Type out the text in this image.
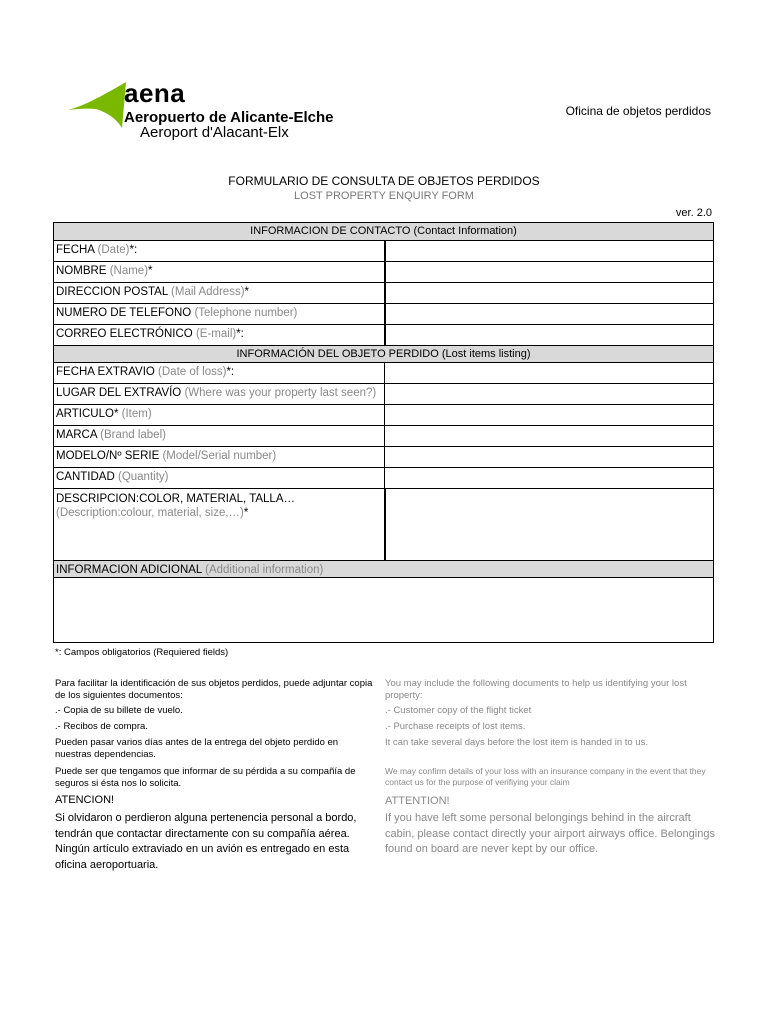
aena
Aeropuerto de Alicante-Elche
Aeroport d'Alacant-Elx
Oficina de objetos perdidos
FORMULARIO DE CONSULTA DE OBJETOS PERDIDOS
LOST PROPERTY ENQUIRY FORM
ver. 2.0
INFORMACION DE CONTACTO (Contact Information)
FECHA (Date)*:
NOMBRE (Name)*
DIRECCION POSTAL (Mail Address)*
NUMERO DE TELEFONO (Telephone number)
CORREO ELECTRÓNICO (E-mail)*:
INFORMACIÓN DEL OBJETO PERDIDO (Lost items listing)
FECHA EXTRAVIO (Date of loss)*:
LUGAR DEL EXTRAVÍO (Where was your property last seen?)
ARTICULO* (Item)
MARCA (Brand label)
MODELO/Nº SERIE (Model/Serial number)
CANTIDAD (Quantity)
DESCRIPCION:COLOR, MATERIAL, TALLA…
(Description:colour, material, size,…)*
INFORMACION ADICIONAL (Additional information)
*: Campos obligatorios (Requiered fields)
Para facilitar la identificación de sus objetos perdidos, puede adjuntar copia de los siguientes documentos:
.- Copia de su billete de vuelo.
.- Recibos de compra.
Pueden pasar varios días antes de la entrega del objeto perdido en nuestras dependencias.
Puede ser que tengamos que informar de su pérdida a su compañía de seguros si ésta nos lo solicita.
ATENCION!
Si olvidaron o perdieron alguna pertenencia personal a bordo, tendrán que contactar directamente con su compañía aérea. Ningún artículo extraviado en un avión es entregado en esta oficina aeroportuaria.
You may include the following documents to help us identifying your lost property:
.- Customer copy of the flight ticket
.- Purchase receipts of lost items.
It can take several days before the lost item is handed in to us.
We may confirm details of your loss with an insurance company in the event that they contact us for the purpose of verifiying your claim
ATTENTION!
If you have left some personal belongings behind in the aircraft cabin, please contact directly your airport airways office. Belongings found on board are never kept by our office.
